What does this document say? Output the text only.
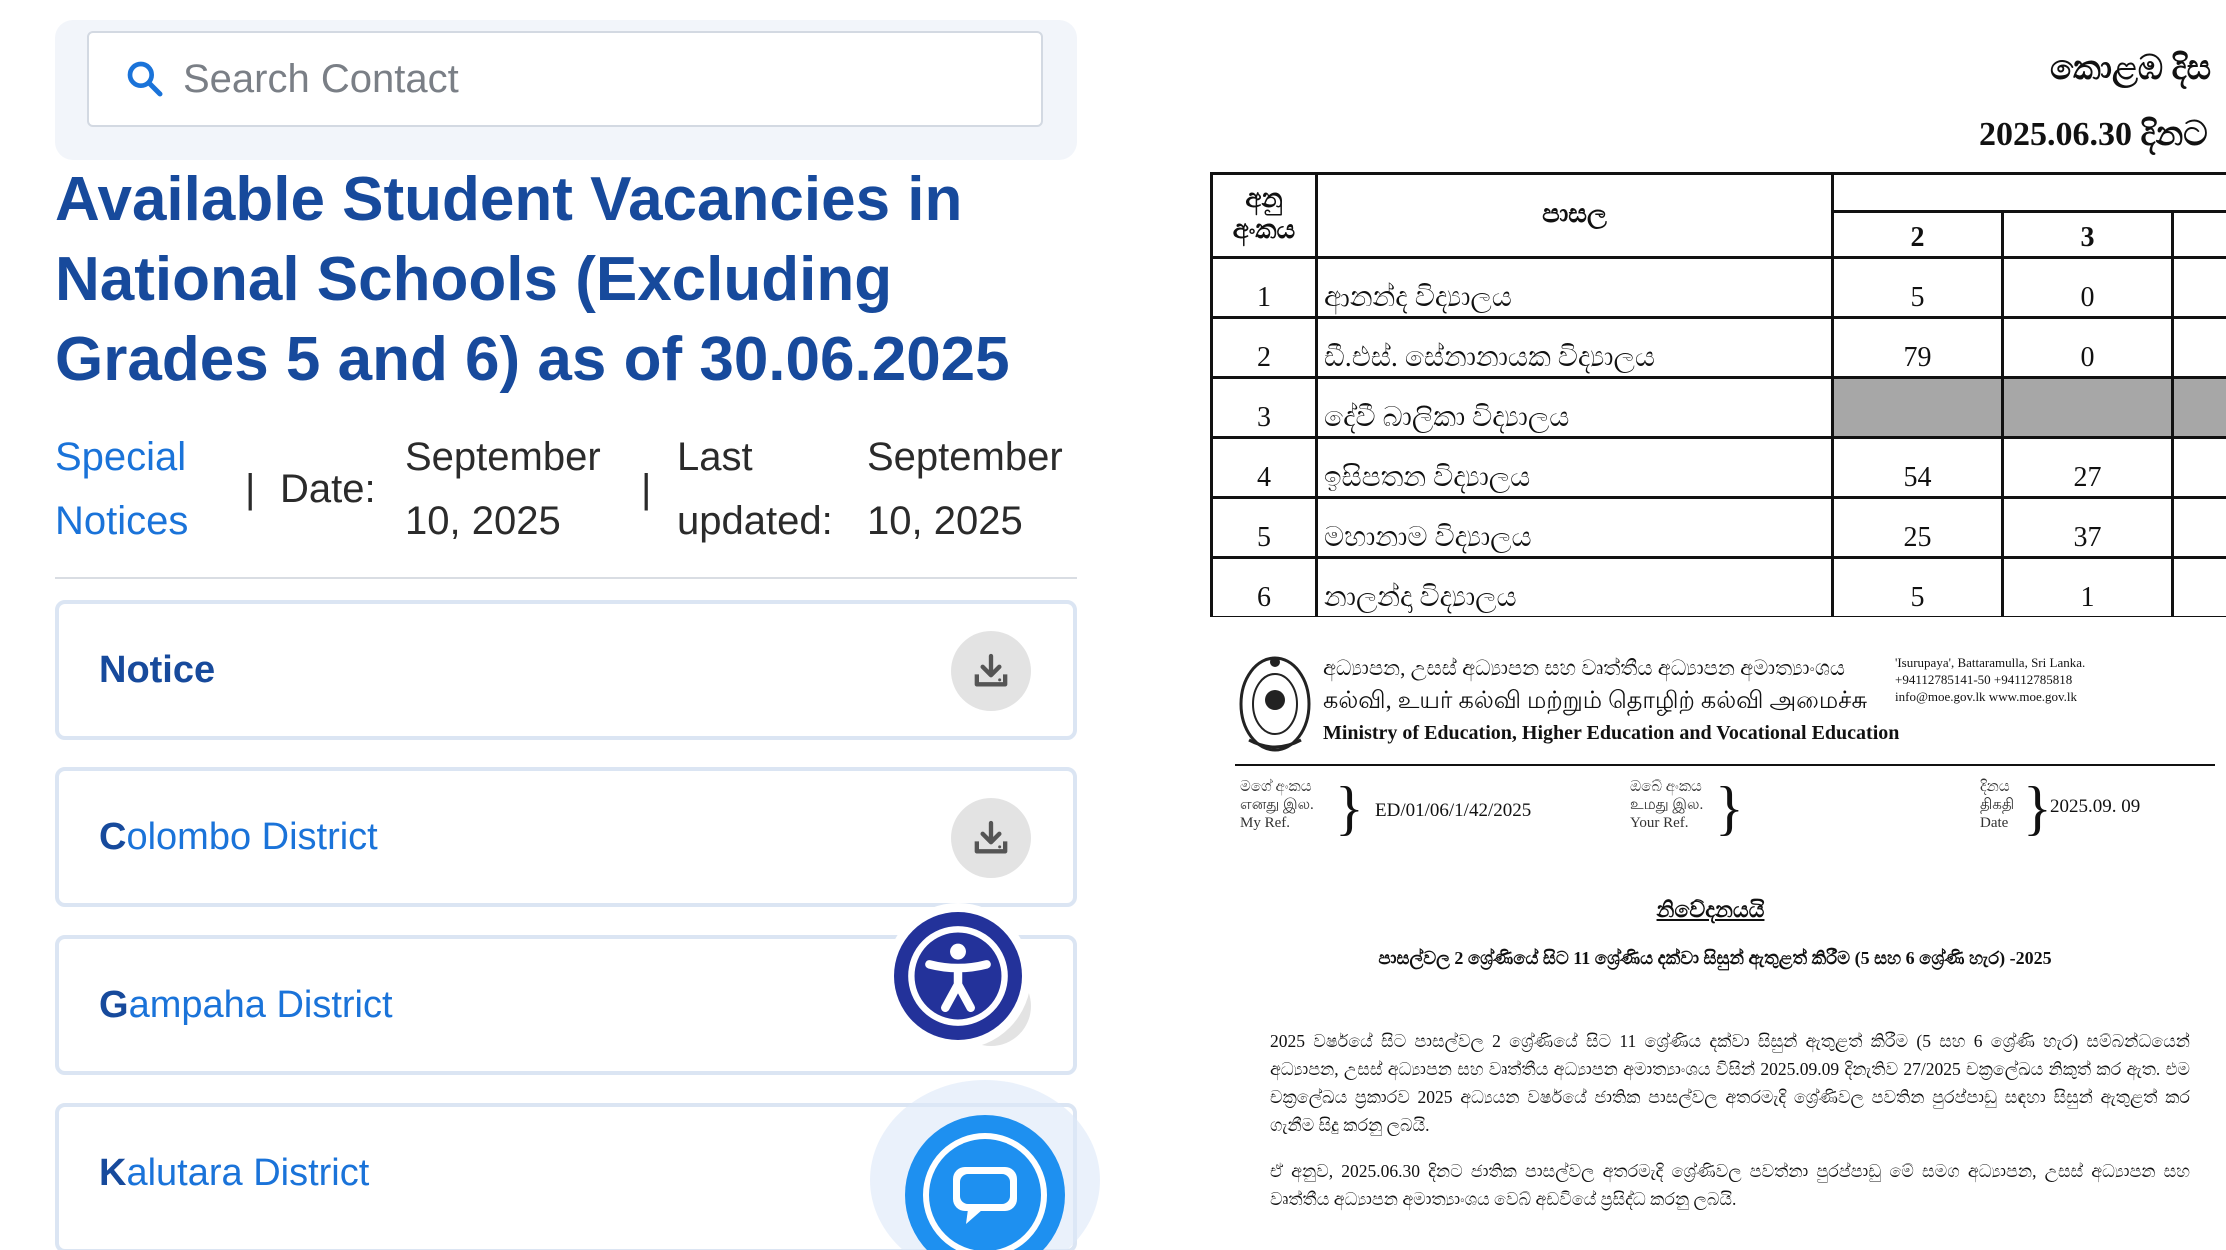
Search Contact
Available Student Vacancies in National Schools (Excluding Grades 5 and 6) as of 30.06.2025
Special Notices
| Date:
September 10, 2025
|
Last updated:
September 10, 2025
Notice
Colombo District
Gampaha District
Kalutara District
කොළඹ දිස
2025.06.30 දිනට
අනු අංකය	පාසල			
		2	3	
1	ආනන්ද විද්‍යාලය	5	0	
2	ඩී.එස්. සේනානායක විද්‍යාලය	79	0	
3	දේවී බාලිකා විද්‍යාලය			
4	ඉසිපතන විද්‍යාලය	54	27	
5	මහානාම විද්‍යාලය	25	37	
6	නාලන්දා විද්‍යාලය	5	1	
අධ්‍යාපන, උසස් අධ්‍යාපන සහ වෘත්තීය අධ්‍යාපන අමාත්‍යාංශය
கல்வி, உயர் கல்வி மற்றும் தொழிற் கல்வி அமைச்சு
Ministry of Education, Higher Education and Vocational Education
'Isurupaya', Battaramulla, Sri Lanka.
+94112785141-50 +94112785818
info@moe.gov.lk www.moe.gov.lk
මගේ අංකය
எனது இல.
My Ref. } ED/01/06/1/42/2025
ඔබේ අංකය
உமது இல.
Your Ref. }	දිනය
திகதி
Date }
2025.09. 09
නිවේදනයයි
පාසල්වල 2 ශ්‍රේණියේ සිට 11 ශ්‍රේණිය දක්වා සිසුන් ඇතුළත් කිරීම (5 සහ 6 ශ්‍රේණි හැර) -2025
2025 වර්ෂයේ සිට පාසල්වල 2 ශ්‍රේණියේ සිට 11 ශ්‍රේණිය දක්වා සිසුන් ඇතුළත් කිරීම (5 සහ 6 ශ්‍රේණි හැර) සම්බන්ධයෙන් අධ්‍යාපන, උසස් අධ්‍යාපන සහ වෘත්තීය අධ්‍යාපන අමාත්‍යාංශය විසින් 2025.09.09 දිනැතිව 27/2025 චක්‍රලේඛය නිකුත් කර ඇත. එම චක්‍රලේඛය ප්‍රකාරව 2025 අධ්‍යයන වර්ෂයේ ජාතික පාසල්වල අතරමැදි ශ්‍රේණිවල පවතින පුරප්පාඩු සඳහා සිසුන් ඇතුළත් කර ගැනීම සිදු කරනු ලබයි.
ඒ අනුව, 2025.06.30 දිනට ජාතික පාසල්වල අතරමැදි ශ්‍රේණිවල පවත්නා පුරප්පාඩු මේ සමග අධ්‍යාපන, උසස් අධ්‍යාපන සහ වෘත්තීය අධ්‍යාපන අමාත්‍යාංශය වෙබ් අඩවියේ ප්‍රසිද්ධ කරනු ලබයි.
